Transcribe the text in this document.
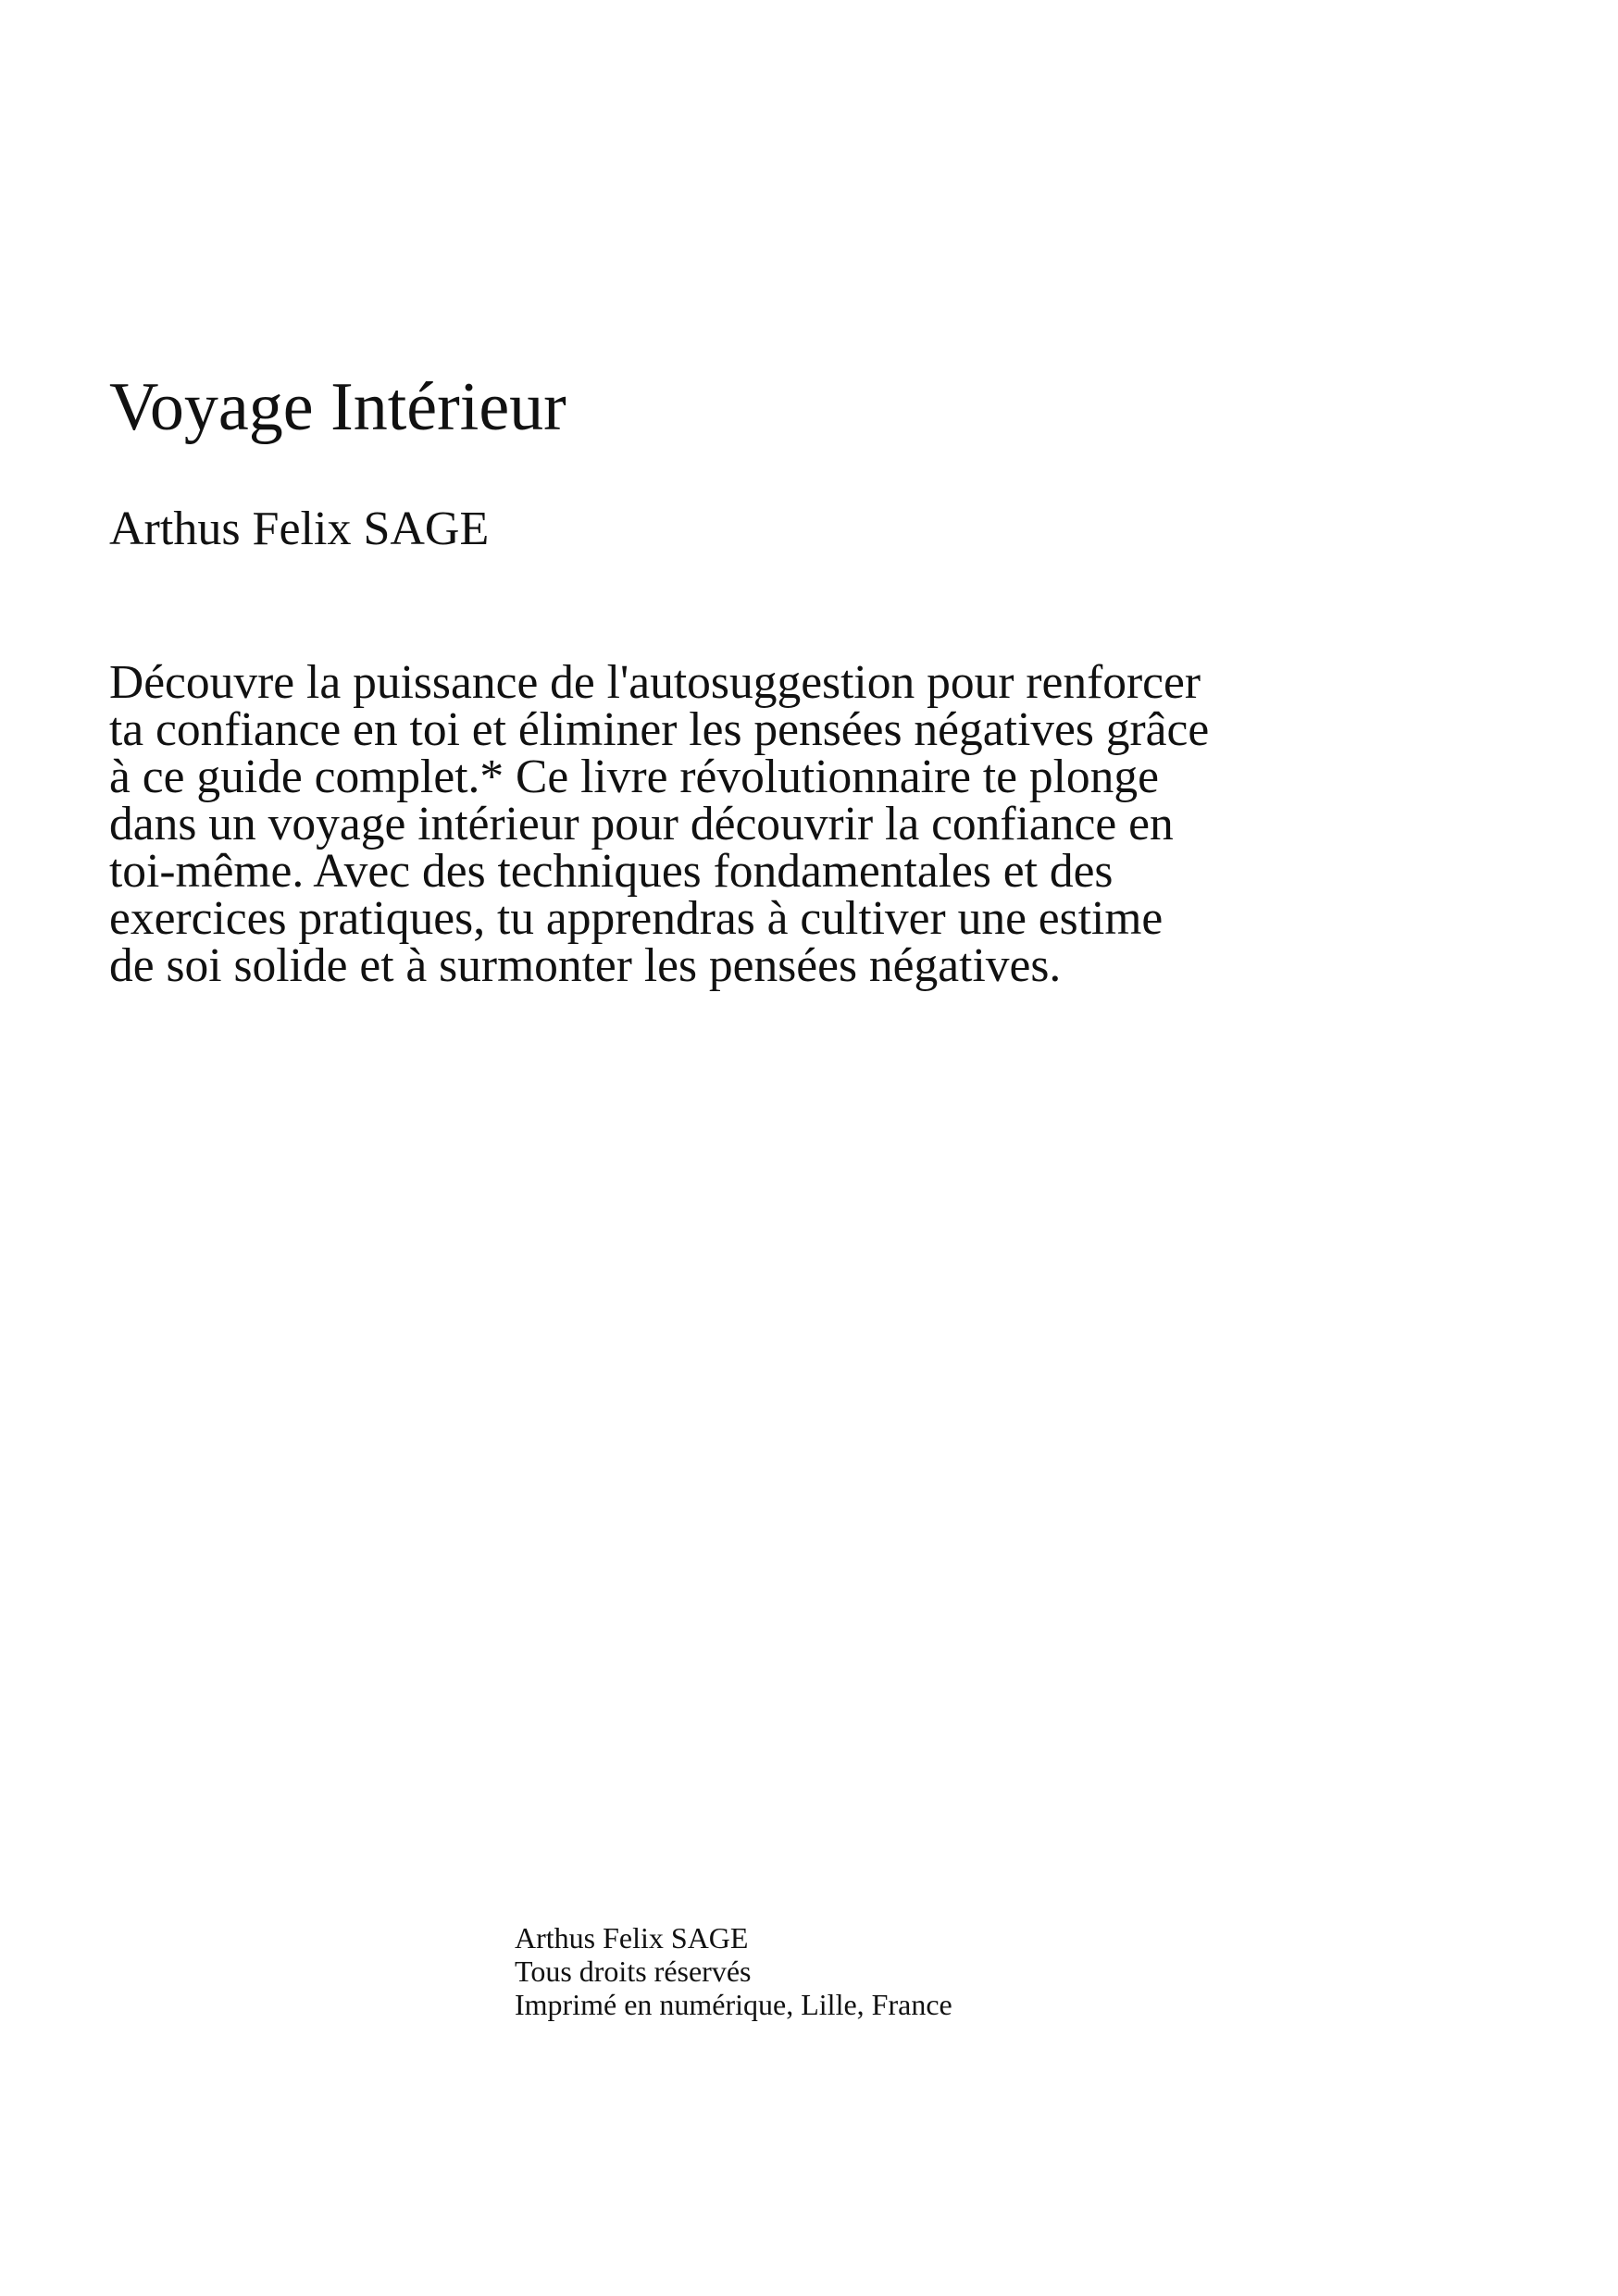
Voyage Intérieur
Arthus Felix SAGE

Découvre la puissance de l'autosuggestion pour renforcer ta confiance en toi et éliminer les pensées négatives grâce à ce guide complet.* Ce livre révolutionnaire te plonge dans un voyage intérieur pour découvrir la confiance en toi-même. Avec des techniques fondamentales et des exercices pratiques, tu apprendras à cultiver une estime de soi solide et à surmonter les pensées négatives.

Arthus Felix SAGE
Tous droits réservés
Imprimé en numérique, Lille, France
